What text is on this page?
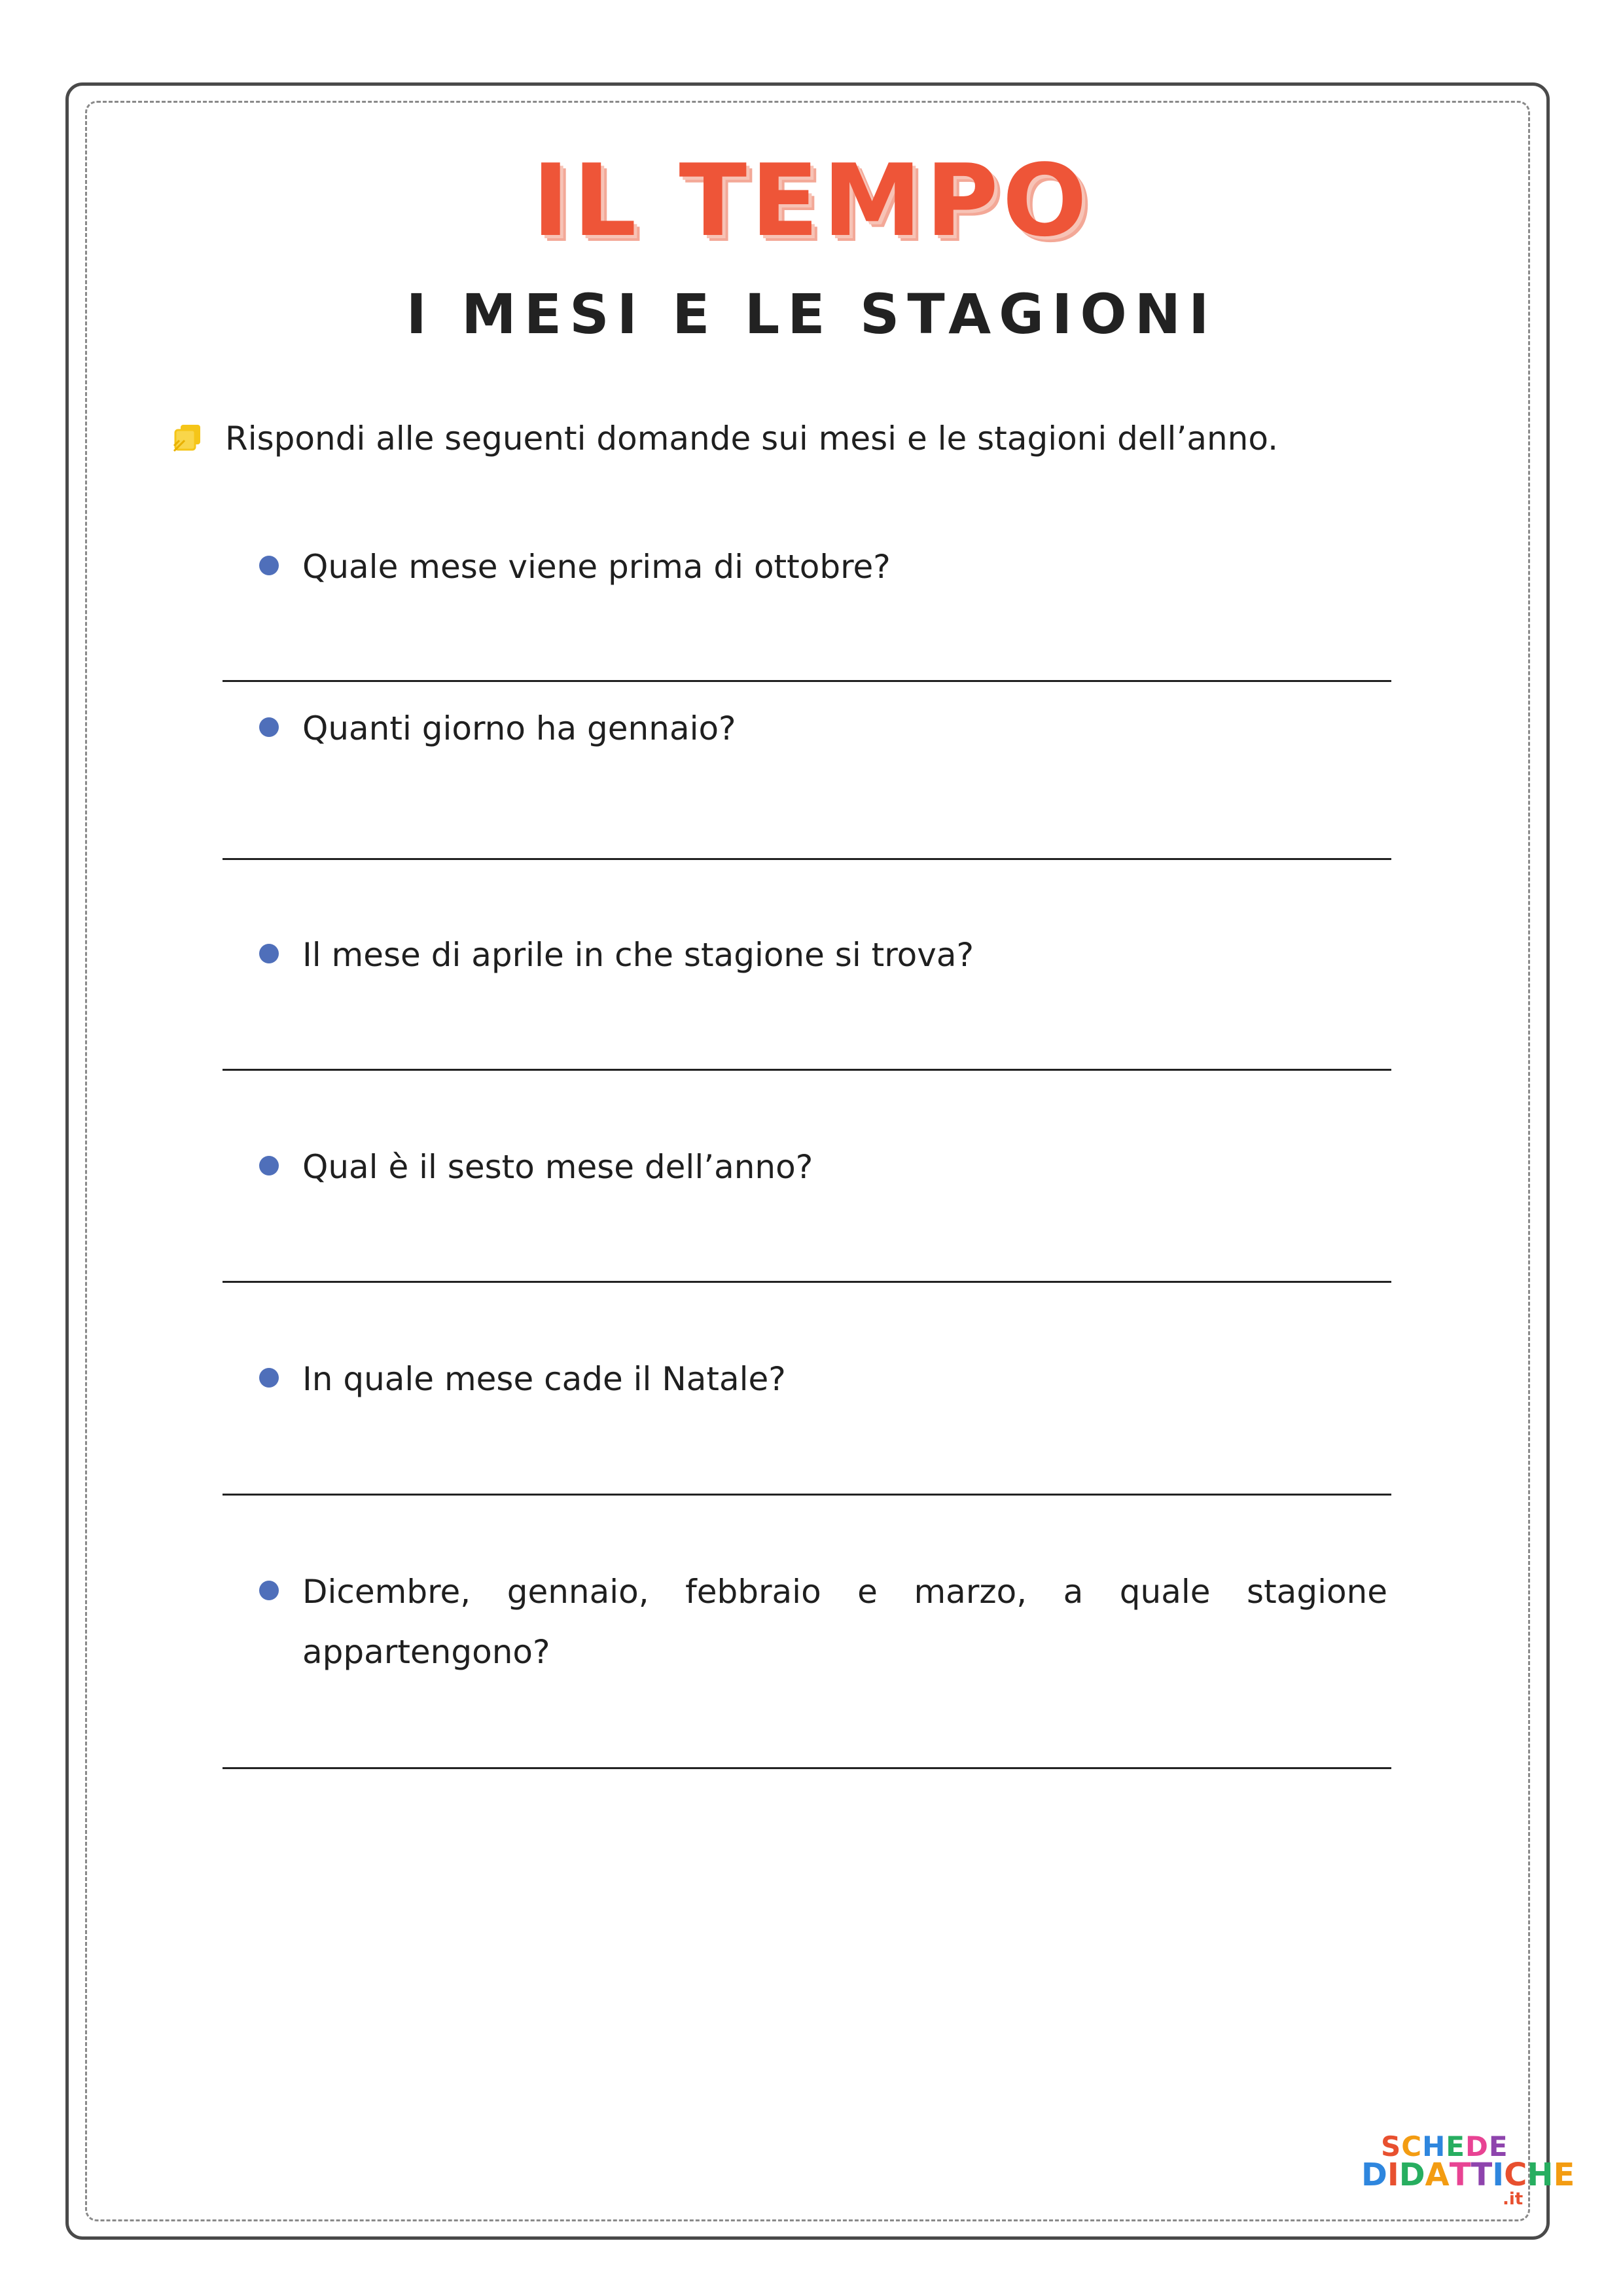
IL TEMPO
I MESI E LE STAGIONI
Rispondi alle seguenti domande sui mesi e le stagioni dell’anno.
Quale mese viene prima di ottobre?
Quanti giorno ha gennaio?
Il mese di aprile in che stagione si trova?
Qual è il sesto mese dell’anno?
In quale mese cade il Natale?
Dicembre, gennaio, febbraio e marzo, a quale stagione appartengono?
S C H E D E
D I D A T T I C H E
.it
